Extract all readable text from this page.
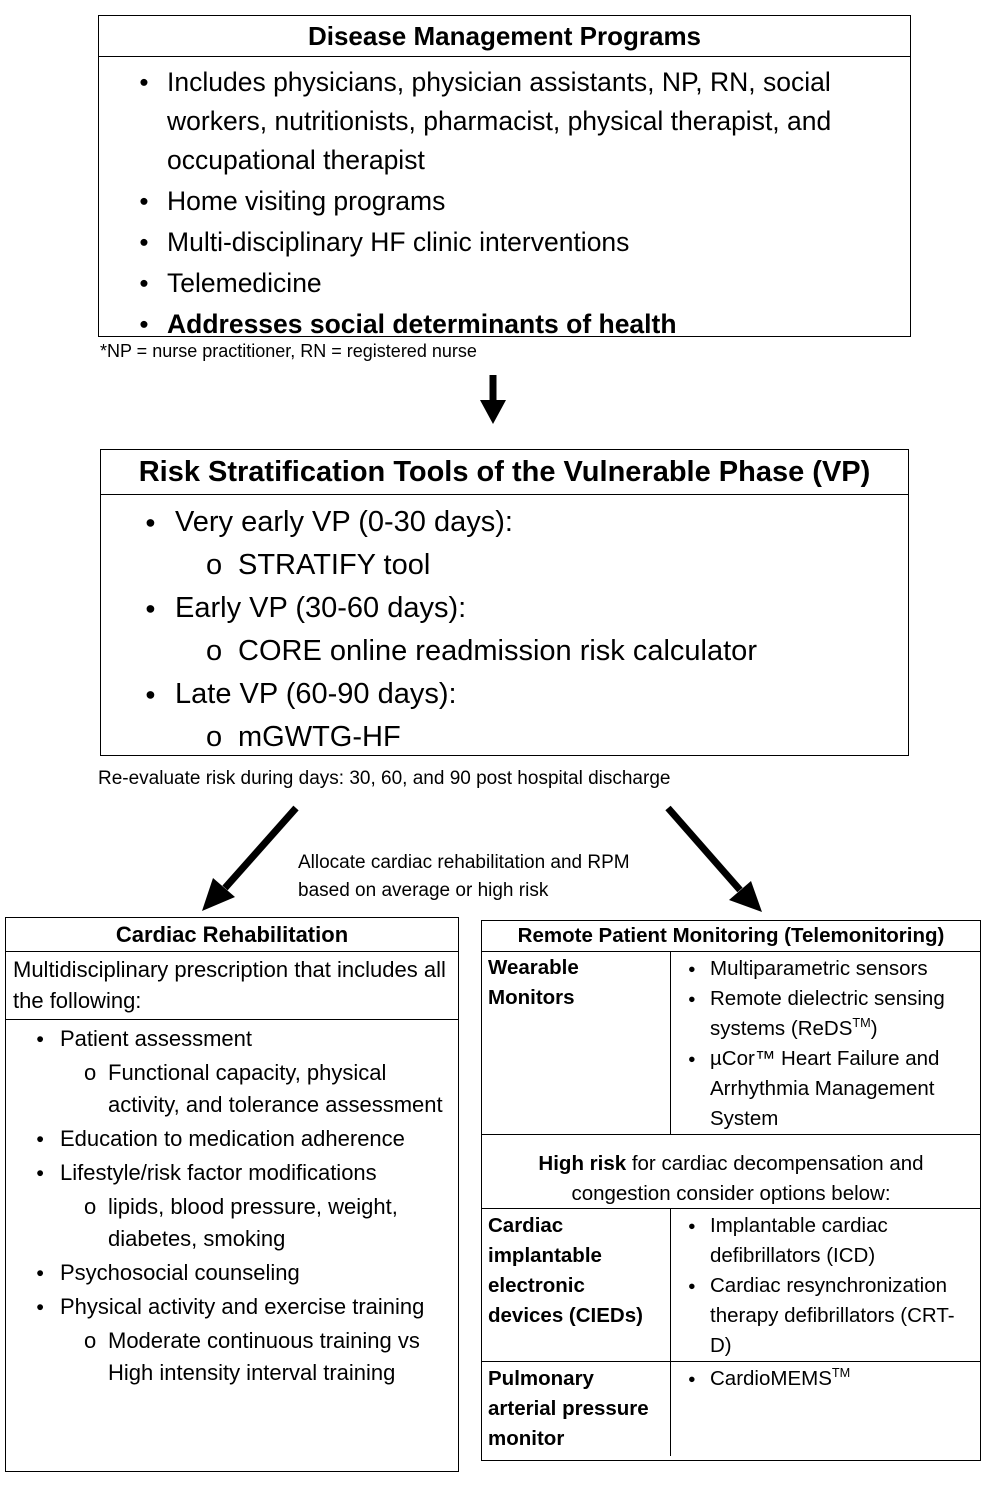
Disease Management Programs
● Includes physicians, physician assistants, NP, RN, social workers, nutritionists, pharmacist, physical therapist, and occupational therapist
● Home visiting programs
● Multi-disciplinary HF clinic interventions
● Telemedicine
● Addresses social determinants of health
*NP = nurse practitioner, RN = registered nurse
Risk Stratification Tools of the Vulnerable Phase (VP)
● Very early VP (0-30 days):
o STRATIFY tool
● Early VP (30-60 days):
o CORE online readmission risk calculator
● Late VP (60-90 days):
o mGWTG-HF
Re-evaluate risk during days: 30, 60, and 90 post hospital discharge
Allocate cardiac rehabilitation and RPM
based on average or high risk
Cardiac Rehabilitation
Multidisciplinary prescription that includes all the following:
● Patient assessment
o Functional capacity, physical activity, and tolerance assessment
● Education to medication adherence
● Lifestyle/risk factor modifications
o lipids, blood pressure, weight, diabetes, smoking
● Psychosocial counseling
● Physical activity and exercise training
o Moderate continuous training vs High intensity interval training
Remote Patient Monitoring (Telemonitoring)
Wearable Monitors	
● Multiparametric sensors
● Remote dielectric sensing systems (ReDS™)
● µCor™ Heart Failure and Arrhythmia Management System
High risk for cardiac decompensation and congestion consider options below:
Cardiac implantable electronic devices (CIEDs)	
● Implantable cardiac defibrillators (ICD)
● Cardiac resynchronization therapy defibrillators (CRT-D)
Pulmonary arterial pressure monitor	
● CardioMEMS™
